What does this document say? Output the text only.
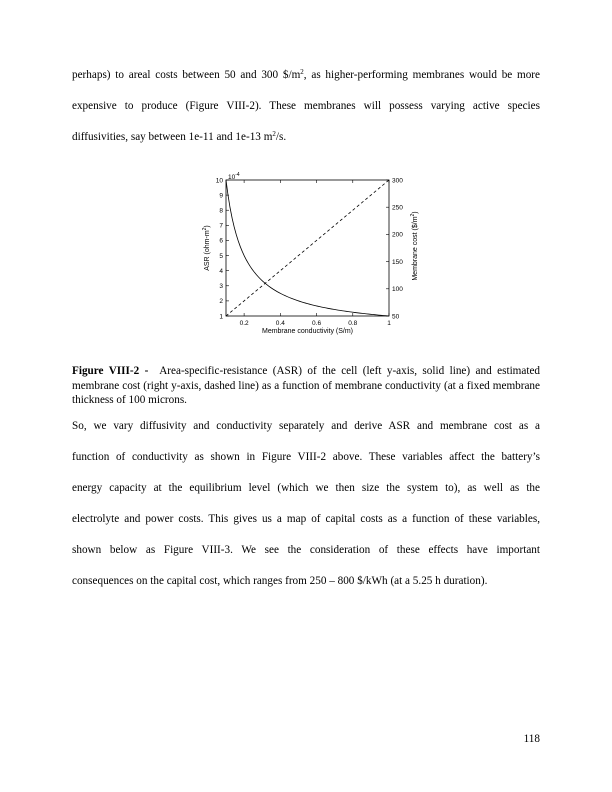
perhaps) to areal costs between 50 and 300 $\$/m^2$, as higher-performing membranes would be more
expensive to produce (Figure VIII-2). These membranes will possess varying active species
diffusivities, say between 1e-11 and 1e-13 $m^2/s$.
0.2	0.4	0.6	0.8	1
1
2
3
4
5
6
7
8
9
10
50
100
150
200
250
300
$10^{-4}$
Membrane conductivity (S/m)
ASR $(ohm-m^2)$	Membrane cost $(\$/m^2)$
Figure VIII-2 - Area-specific-resistance (ASR) of the cell (left y-axis, solid line) and estimated membrane cost (right y-axis, dashed line) as a function of membrane conductivity (at a fixed membrane thickness of 100 microns.
So, we vary diffusivity and conductivity separately and derive ASR and membrane cost as a
function of conductivity as shown in Figure VIII-2 above. These variables affect the battery’s
energy capacity at the equilibrium level (which we then size the system to), as well as the
electrolyte and power costs. This gives us a map of capital costs as a function of these variables,
shown below as Figure VIII-3. We see the consideration of these effects have important
consequences on the capital cost, which ranges from 250 – 800 $/kWh (at a 5.25 h duration).
118
